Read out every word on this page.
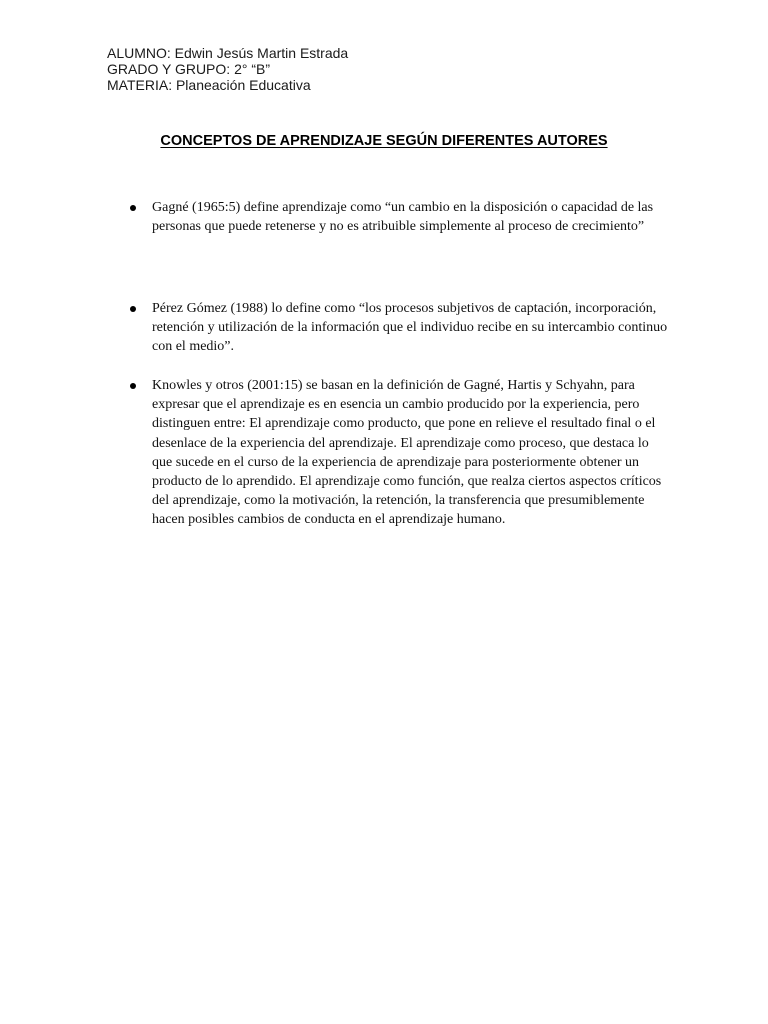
ALUMNO: Edwin Jesús Martin Estrada
GRADO Y GRUPO: 2° “B”
MATERIA: Planeación Educativa
CONCEPTOS DE APRENDIZAJE SEGÚN DIFERENTES AUTORES
Gagné (1965:5) define aprendizaje como “un cambio en la disposición o capacidad de las personas que puede retenerse y no es atribuible simplemente al proceso de crecimiento”
Pérez Gómez (1988) lo define como “los procesos subjetivos de captación, incorporación, retención y utilización de la información que el individuo recibe en su intercambio continuo con el medio”.
Knowles y otros (2001:15) se basan en la definición de Gagné, Hartis y Schyahn, para expresar que el aprendizaje es en esencia un cambio producido por la experiencia, pero distinguen entre: El aprendizaje como producto, que pone en relieve el resultado final o el desenlace de la experiencia del aprendizaje. El aprendizaje como proceso, que destaca lo que sucede en el curso de la experiencia de aprendizaje para posteriormente obtener un producto de lo aprendido. El aprendizaje como función, que realza ciertos aspectos críticos del aprendizaje, como la motivación, la retención, la transferencia que presumiblemente hacen posibles cambios de conducta en el aprendizaje humano.
